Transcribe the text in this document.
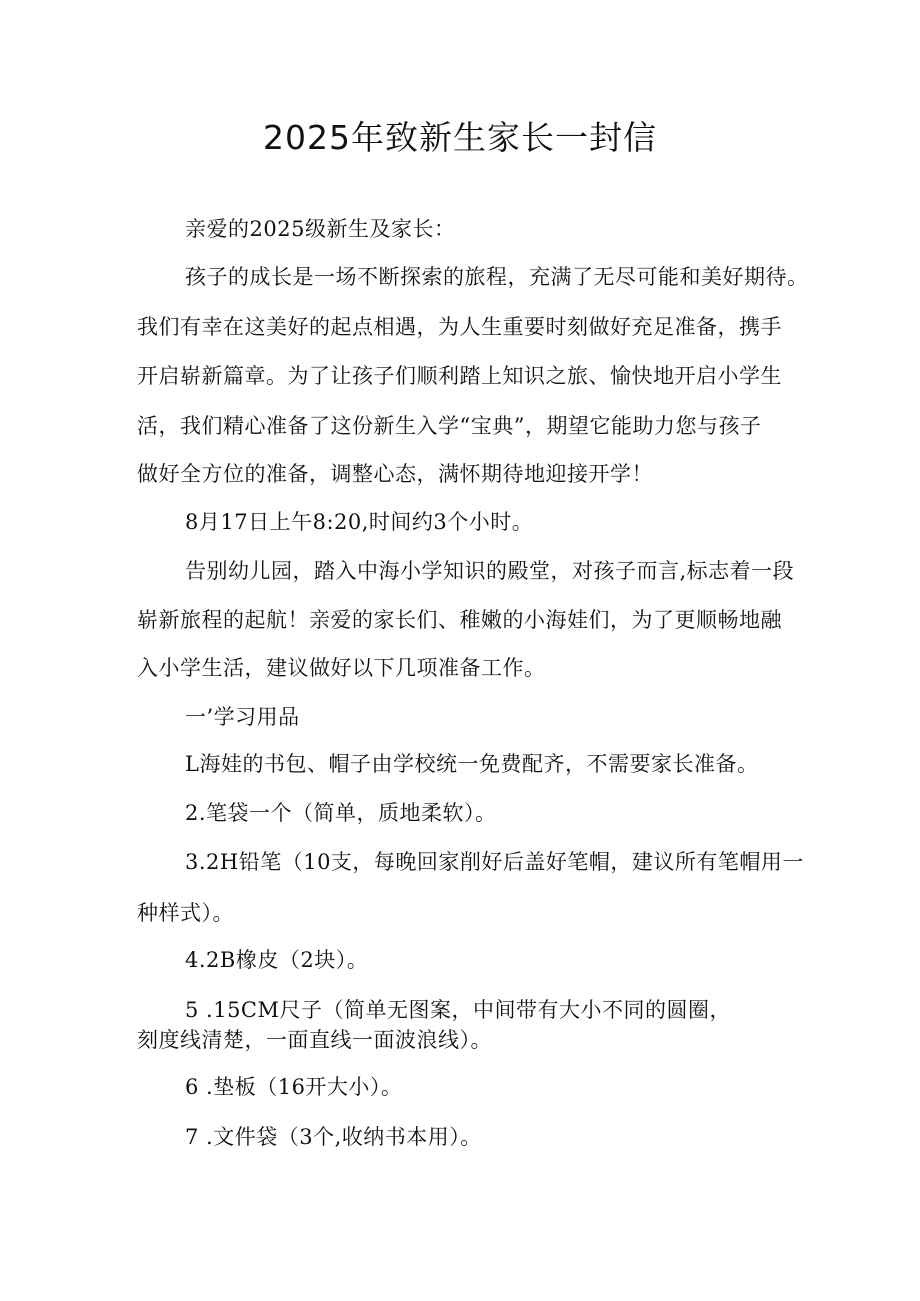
2025年致新生家长一封信
亲爱的2025级新生及家长：
孩子的成长是一场不断探索的旅程，充满了无尽可能和美好期待。
我们有幸在这美好的起点相遇，为人生重要时刻做好充足准备，携手
开启崭新篇章。为了让孩子们顺利踏上知识之旅、愉快地开启小学生
活，我们精心准备了这份新生入学“宝典”，期望它能助力您与孩子
做好全方位的准备，调整心态，满怀期待地迎接开学！
8月17日上午8:20,时间约3个小时。
告别幼儿园，踏入中海小学知识的殿堂，对孩子而言,标志着一段
崭新旅程的起航！亲爱的家长们、稚嫩的小海娃们，为了更顺畅地融
入小学生活，建议做好以下几项准备工作。
一’学习用品
L海娃的书包、帽子由学校统一免费配齐，不需要家长准备。
2.笔袋一个（简单，质地柔软）。
3.2H铅笔（10支，每晚回家削好后盖好笔帽，建议所有笔帽用一
种样式）。
4.2B橡皮（2块）。
5 .15CM尺子（简单无图案，中间带有大小不同的圆圈，
刻度线清楚，一面直线一面波浪线）。
6 .垫板（16开大小）。
7 .文件袋（3个,收纳书本用）。
